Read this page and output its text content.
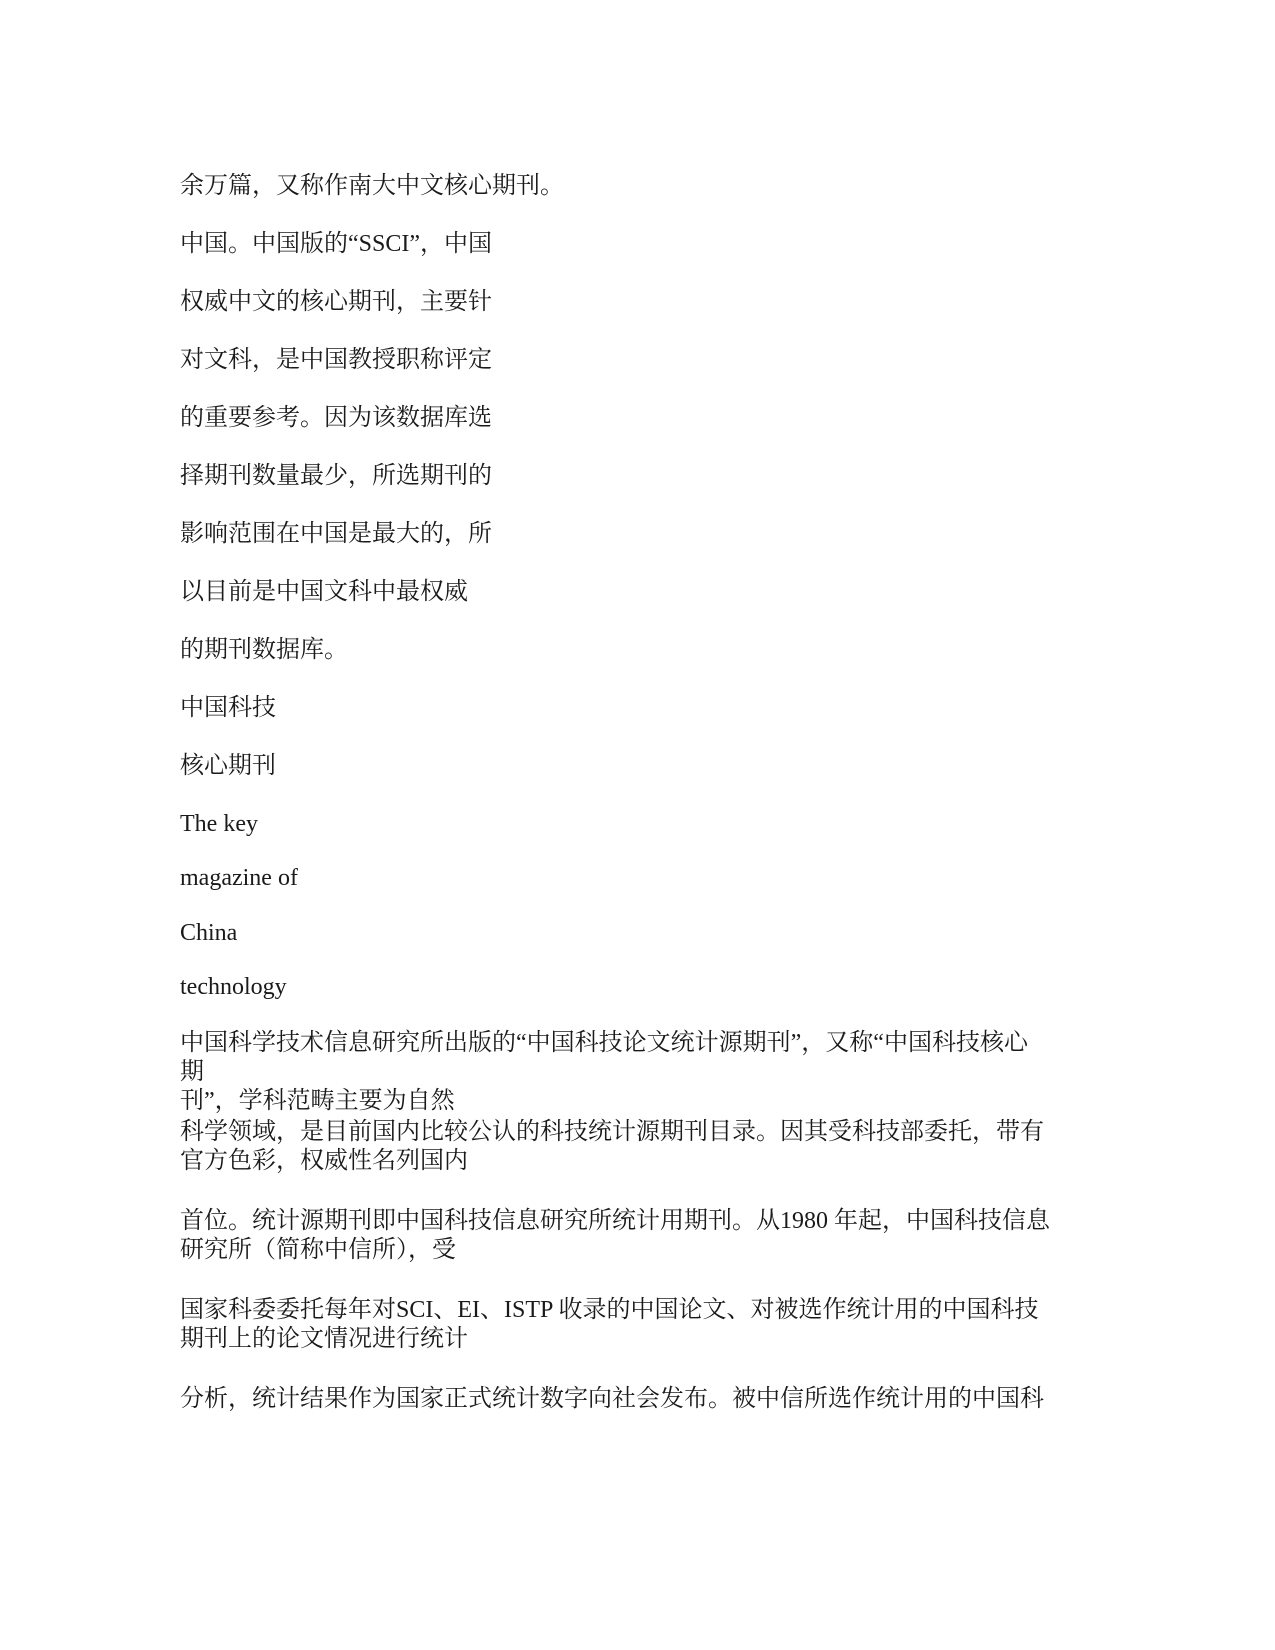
余万篇，又称作南大中文核心期刊。

中国。中国版的“SSCI”，中国

权威中文的核心期刊，主要针

对文科，是中国教授职称评定

的重要参考。因为该数据库选

择期刊数量最少，所选期刊的

影响范围在中国是最大的，所

以目前是中国文科中最权威

的期刊数据库。

中国科技

核心期刊

The key

magazine of

China

technology

中国科学技术信息研究所出版的“中国科技论文统计源期刊”，又称“中国科技核心期
刊”，学科范畴主要为自然
科学领域，是目前国内比较公认的科技统计源期刊目录。因其受科技部委托，带有
官方色彩，权威性名列国内
首位。统计源期刊即中国科技信息研究所统计用期刊。从1980 年起，中国科技信息
研究所（简称中信所），受
国家科委委托每年对SCI、EI、ISTP 收录的中国论文、对被选作统计用的中国科技
期刊上的论文情况进行统计
分析，统计结果作为国家正式统计数字向社会发布。被中信所选作统计用的中国科
